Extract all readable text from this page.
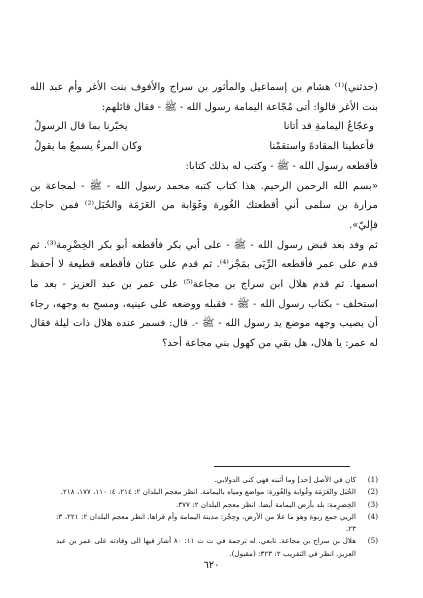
(حدثني)⁽¹⁾ هشام بن إسماعيل والمأثور بن سراج والأفوف بنت الأغر وأم عبد الله بنت الأغر قالوا: أتى مُجّاعة اليمامة رسول الله - ﷺ - فقال قائلهم:

وعجّاعُ اليمامةِ قد أتانا
يخبّرنا بما قال الرسولُ
فأعطينا المقادةَ واستقمْنا
وكان المرءُ يسمعُ ما يقولُ

فأقطعه رسول الله - ﷺ - وكتب له بذلك كتابا:

«بسم الله الرحمن الرحيم. هذا كتاب كتبه محمد رسول الله - ﷺ - لمجاعة بن مرارة بن سلمى أني أقطعتك الغُورة وغَوَابة من العَرَمَة والحُبَل⁽²⁾ فمن حاجك فإليّ».

ثم وفد بعد قبض رسول الله - ﷺ - على أبي بكر فأقطعه أبو بكر الخِضْرِمة⁽³⁾. ثم قدم على عمر فأقطعه الرِّيَى بمَجْر⁽⁴⁾. ثم قدم على عثان فأقطعه قطيعة لا أحفظ اسمها. ثم قدم هلال ابن سراج بن مجاعة⁽⁵⁾ على عمر بن عبد العزيز - بعد ما استخلف - بكتاب رسول الله - ﷺ - فقبله ووضعه على عينيه، ومسح به وجهه، رجاء أن يصيب وجهه موضع يد رسول الله - ﷺ -. قال: فسمر عنده هلال ذات ليلة فقال له عمر: يا هلال، هل بقي من كهول بني مجاعة أحد؟

(1)
كان في الأصل [حد] وما أثبته فهي كنى الدولابي.
(2)
الحُبَل والعَرَمَة وغُوابة والغُورة: مواضع ومياه باليمامة. انظر معجم البلدان ٢: ٢١٤، ٤: ١١٠، ١٧٧، ٢١٨.
(3)
الخِضرِمة: بلد بأرض اليمامة أيضا. انظر معجم البلدان ٢: ٣٧٧.
(4)
الريي جمع ربوة وهو ما علا من الأرض، وحِجْر: مدينة اليمامة وأم قراها. انظر معجم البلدان ٢: ٢٢١، ٣: ٢٣.
(5)
هلال بن سراج بن مجاعة. تابعي. له ترجمة في ت ت ١١: ٨٠ أشار فيها الى وفادته على عمر بن عبد العزيز. انظر في التقريب ٢: ٣٢٣: (مقبول).
٦٢٠
